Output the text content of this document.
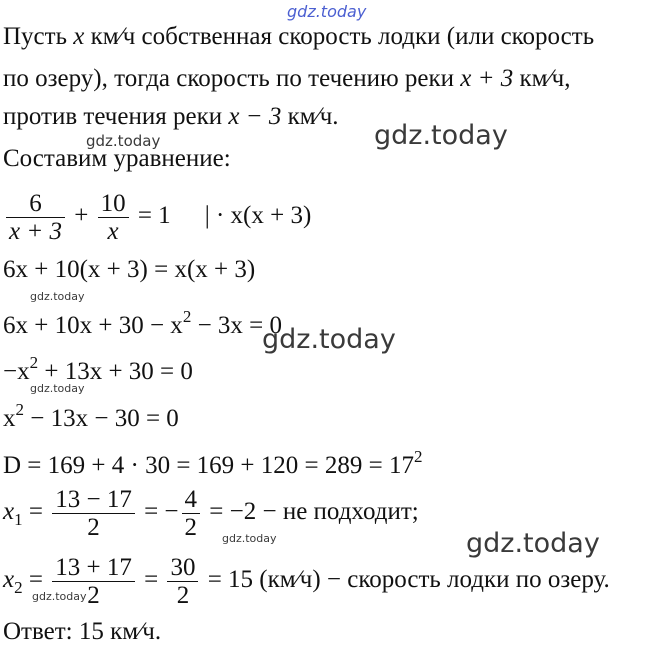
gdz.today
Пусть x км⁄ч собственная скорость лодки (или скорость
по озеру), тогда скорость по течению реки x + 3 км⁄ч,
против течения реки x − 3 км⁄ч.
Составим уравнение:
$\frac{6}{x + 3} + \frac{10}{x} = 1$ | · x(x + 3)
6x + 10(x + 3) = x(x + 3)
$6x + 10x + 30 - x^2 - 3x = 0$
$-x^2 + 13x + 30 = 0$
$x^2 - 13x - 30 = 0$
$D = 169 + 4 \cdot 30 = 169 + 120 = 289 = 17^2$
$x_1 = \frac{13 - 17}{2}$ = − $\frac{4}{2} = -2$ − не подходит;
$x_2 = \frac{13 + 17}{2} = \frac{30}{2} = 15$ (км⁄ч) − скорость лодки по озеру.
Ответ: 15 км⁄ч.
gdz.today	gdz.today
gdz.today
gdz.today
gdz.today
gdz.today	gdz.today
gdz.today
